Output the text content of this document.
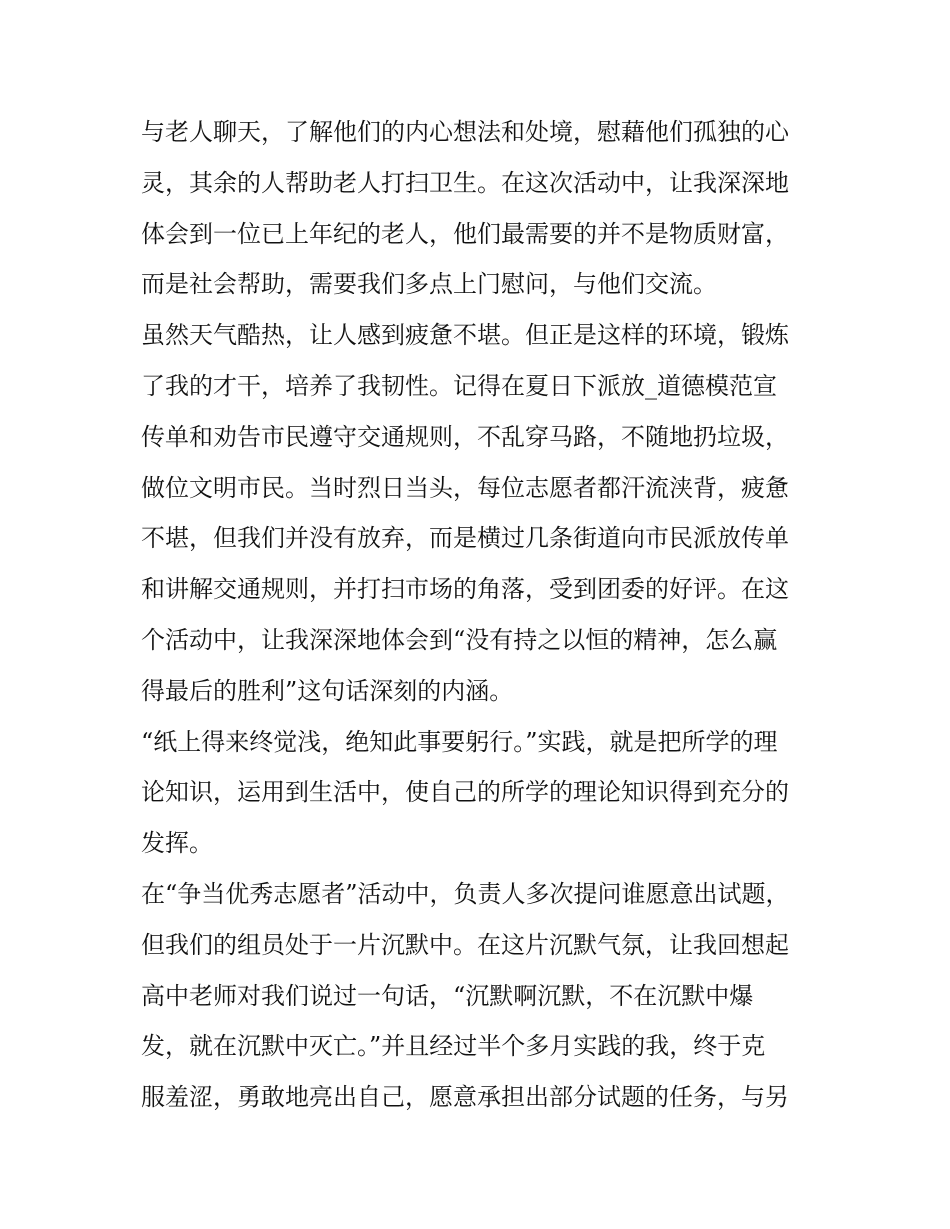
与老人聊天，了解他们的内心想法和处境，慰藉他们孤独的心
灵，其余的人帮助老人打扫卫生。在这次活动中，让我深深地
体会到一位已上年纪的老人，他们最需要的并不是物质财富，
而是社会帮助，需要我们多点上门慰问，与他们交流。
虽然天气酷热，让人感到疲惫不堪。但正是这样的环境，锻炼
了我的才干，培养了我韧性。记得在夏日下派放_道德模范宣
传单和劝告市民遵守交通规则，不乱穿马路，不随地扔垃圾，
做位文明市民。当时烈日当头，每位志愿者都汗流浃背，疲惫
不堪，但我们并没有放弃，而是横过几条街道向市民派放传单
和讲解交通规则，并打扫市场的角落，受到团委的好评。在这
个活动中，让我深深地体会到“没有持之以恒的精神，怎么赢
得最后的胜利”这句话深刻的内涵。
“纸上得来终觉浅，绝知此事要躬行。”实践，就是把所学的理
论知识，运用到生活中，使自己的所学的理论知识得到充分的
发挥。
在“争当优秀志愿者”活动中，负责人多次提问谁愿意出试题，
但我们的组员处于一片沉默中。在这片沉默气氛，让我回想起
高中老师对我们说过一句话，“沉默啊沉默，不在沉默中爆
发，就在沉默中灭亡。”并且经过半个多月实践的我，终于克
服羞涩，勇敢地亮出自己，愿意承担出部分试题的任务，与另
